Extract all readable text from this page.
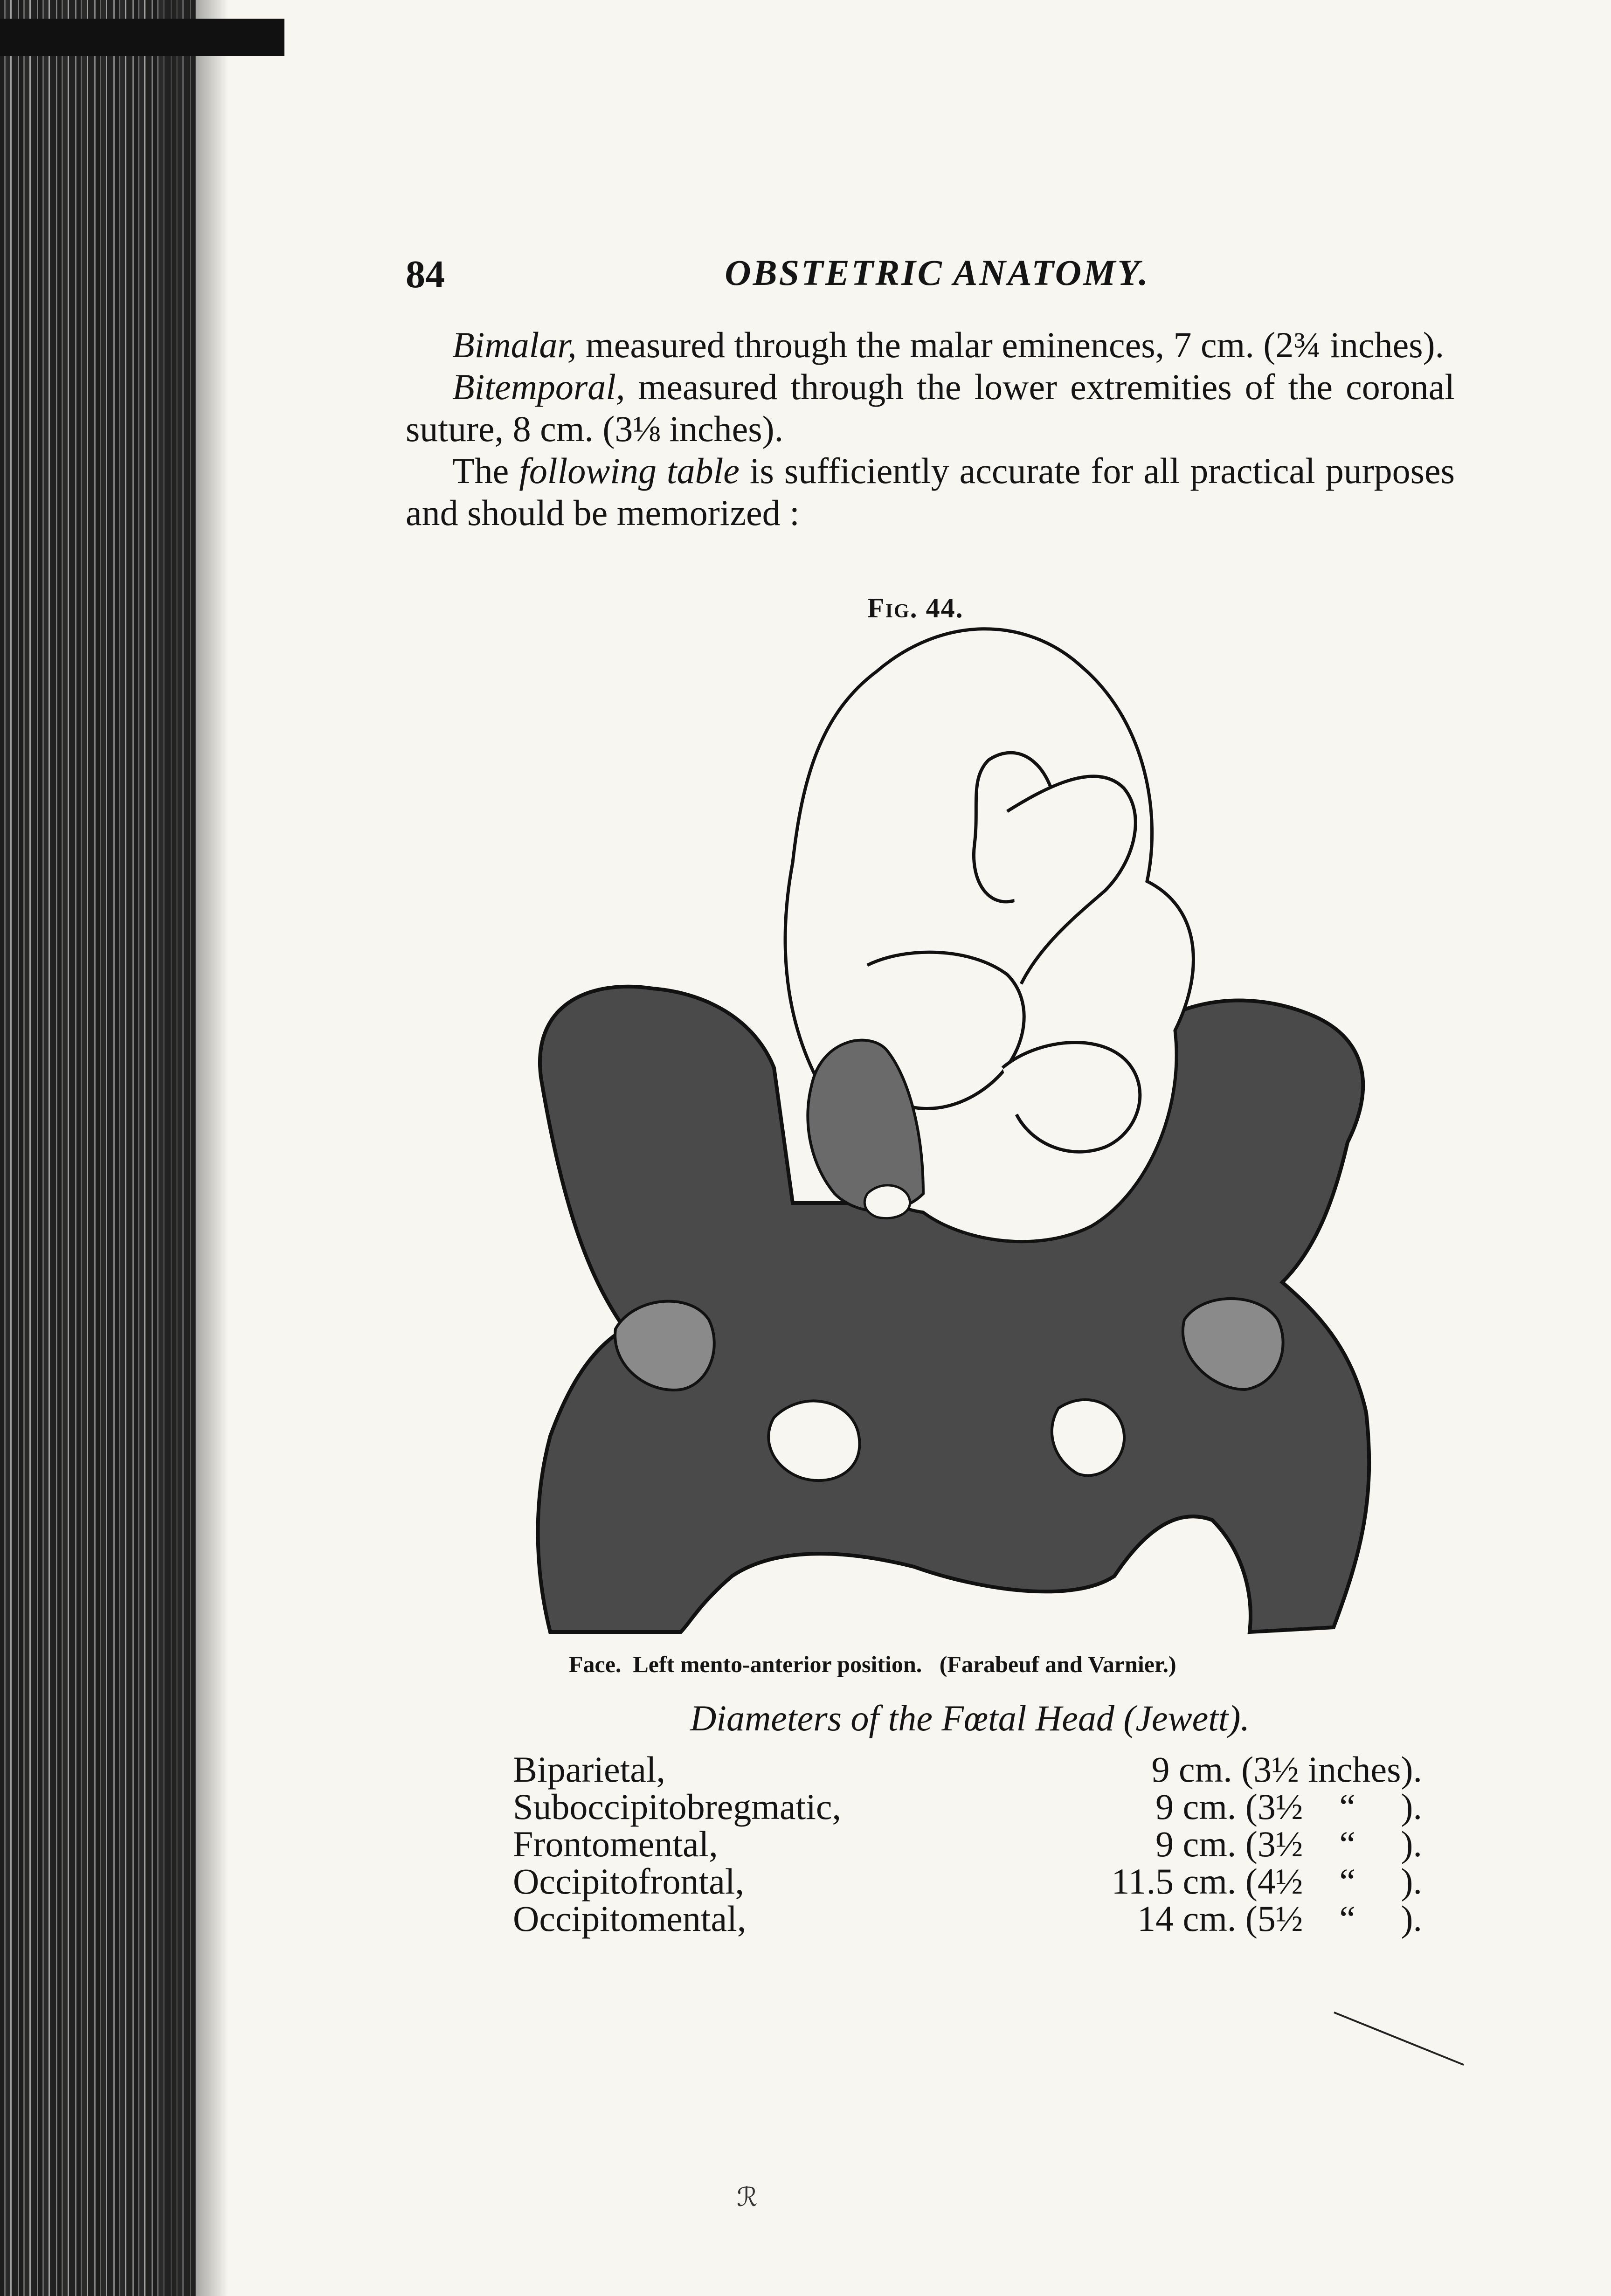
84	OBSTETRIC ANATOMY.

Bimalar, measured through the malar eminences, 7 cm. (2¾ inches).

Bitemporal, measured through the lower extremities of the coronal suture, 8 cm. (3⅛ inches).

The following table is sufficiently accurate for all practical purposes and should be memorized :

Fig. 44.
Face.  Left mento-anterior position. (Farabeuf and Varnier.)
Diameters of the Fœtal Head (Jewett).
Biparietal,	9 cm. (3½ inches).
Suboccipitobregmatic,	9 cm. (3½    “     ).
Frontomental,	9 cm. (3½    “     ).
Occipitofrontal,	11.5 cm. (4½    “     ).
Occipitomental,	14 cm. (5½    “     ).
ℛ
